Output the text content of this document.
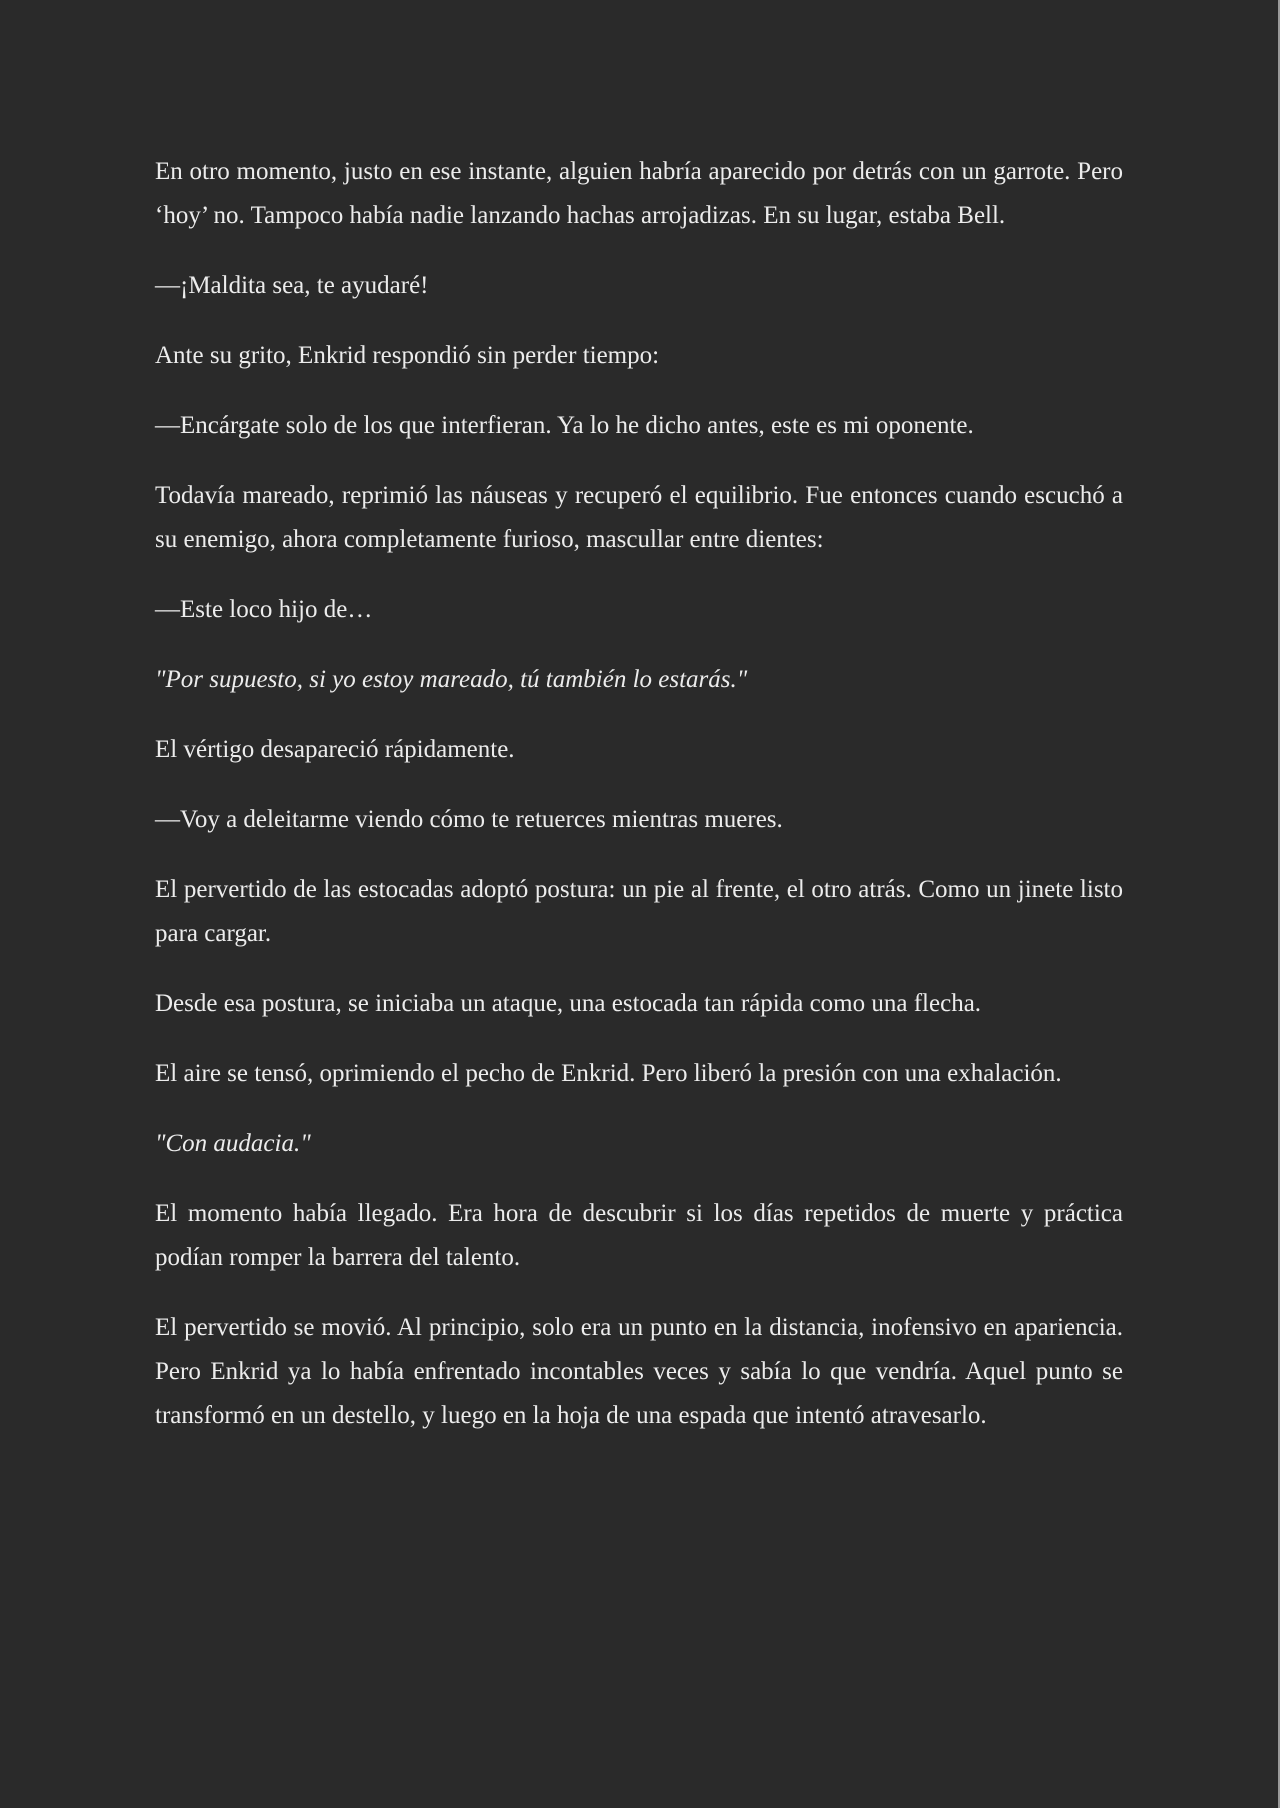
En otro momento, justo en ese instante, alguien habría aparecido por detrás con un garrote. Pero ‘hoy’ no. Tampoco había nadie lanzando hachas arrojadizas. En su lugar, estaba Bell.

—¡Maldita sea, te ayudaré!

Ante su grito, Enkrid respondió sin perder tiempo:

—Encárgate solo de los que interfieran. Ya lo he dicho antes, este es mi oponente.

Todavía mareado, reprimió las náuseas y recuperó el equilibrio. Fue entonces cuando escuchó a su enemigo, ahora completamente furioso, mascullar entre dientes:

—Este loco hijo de…

"Por supuesto, si yo estoy mareado, tú también lo estarás."

El vértigo desapareció rápidamente.

—Voy a deleitarme viendo cómo te retuerces mientras mueres.

El pervertido de las estocadas adoptó postura: un pie al frente, el otro atrás. Como un jinete listo para cargar.

Desde esa postura, se iniciaba un ataque, una estocada tan rápida como una flecha.

El aire se tensó, oprimiendo el pecho de Enkrid. Pero liberó la presión con una exhalación.

"Con audacia."

El momento había llegado. Era hora de descubrir si los días repetidos de muerte y práctica podían romper la barrera del talento.

El pervertido se movió. Al principio, solo era un punto en la distancia, inofensivo en apariencia. Pero Enkrid ya lo había enfrentado incontables veces y sabía lo que vendría. Aquel punto se transformó en un destello, y luego en la hoja de una espada que intentó atravesarlo.
